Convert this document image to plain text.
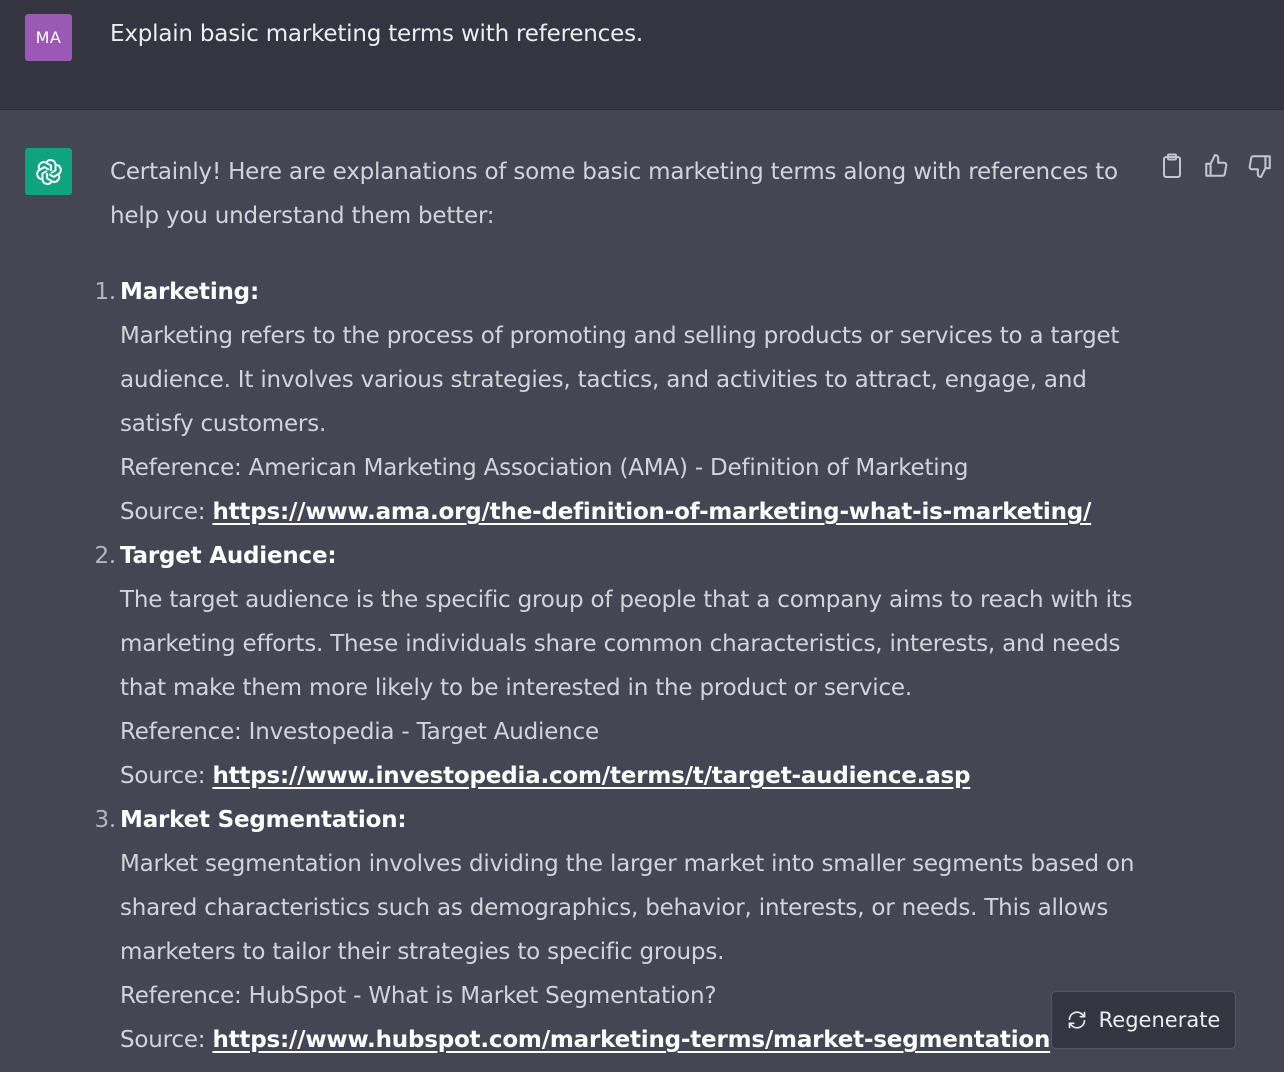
MA	Explain basic marketing terms with references.

Certainly! Here are explanations of some basic marketing terms along with references to help you understand them better:

1. Marketing:
Marketing refers to the process of promoting and selling products or services to a target audience. It involves various strategies, tactics, and activities to attract, engage, and satisfy customers.
Reference: American Marketing Association (AMA) - Definition of Marketing
Source: https://www.ama.org/the-definition-of-marketing-what-is-marketing/
2. Target Audience:
The target audience is the specific group of people that a company aims to reach with its marketing efforts. These individuals share common characteristics, interests, and needs that make them more likely to be interested in the product or service.
Reference: Investopedia - Target Audience
Source: https://www.investopedia.com/terms/t/target-audience.asp
3. Market Segmentation:
Market segmentation involves dividing the larger market into smaller segments based on shared characteristics such as demographics, behavior, interests, or needs. This allows marketers to tailor their strategies to specific groups.
Reference: HubSpot - What is Market Segmentation?
Source: https://www.hubspot.com/marketing-terms/market-segmentation
Regenerate
